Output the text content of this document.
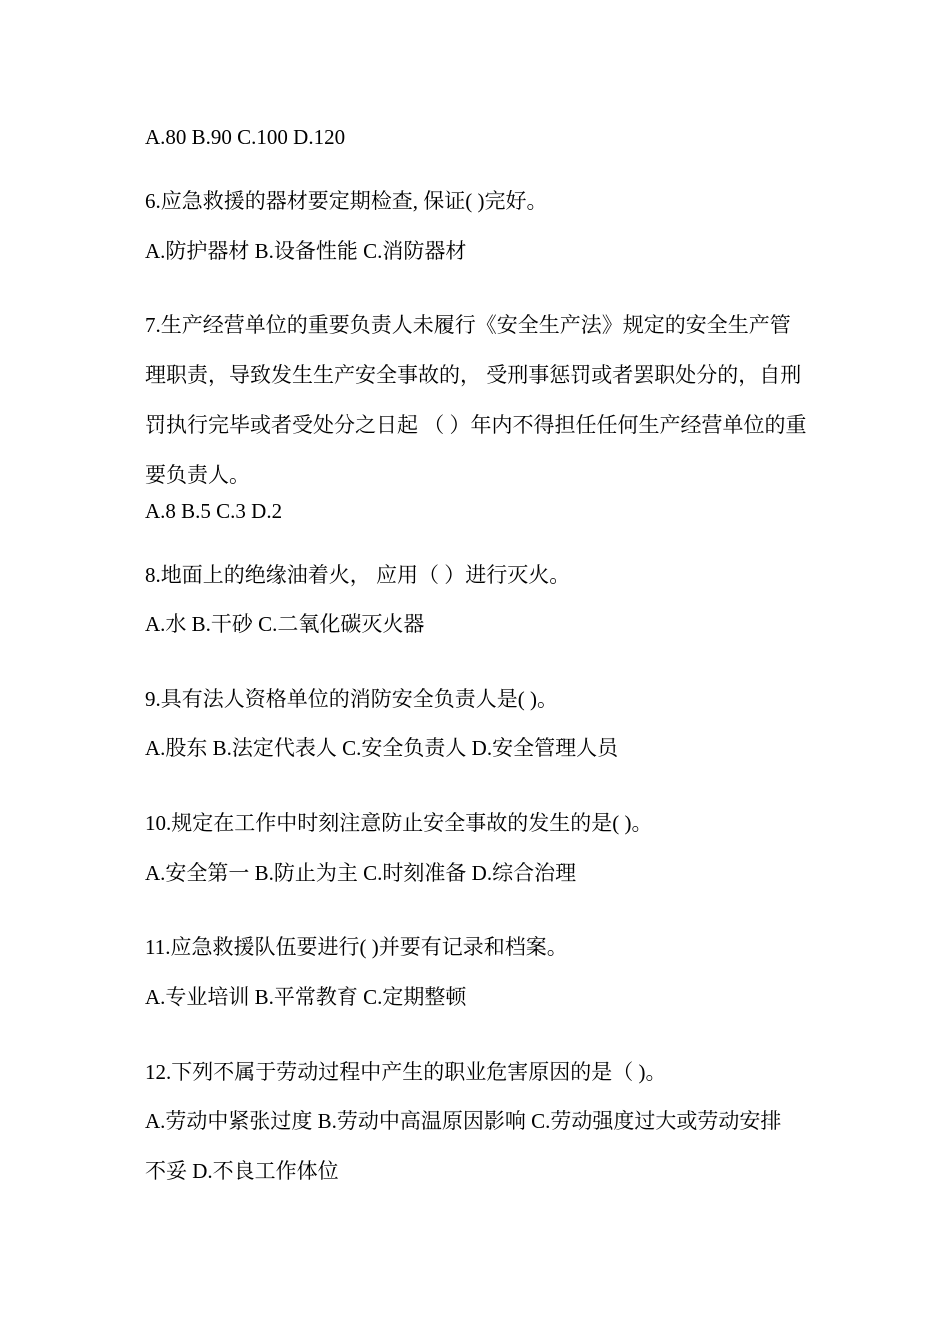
A.80 B.90 C.100 D.120
6.应急救援的器材要定期检查, 保证( )完好。
A.防护器材 B.设备性能 C.消防器材
7.生产经营单位的重要负责人未履行《安全生产法》规定的安全生产管理职责，导致发生生产安全事故的， 受刑事惩罚或者罢职处分的，自刑罚执行完毕或者受处分之日起 （ ）年内不得担任任何生产经营单位的重要负责人。
A.8 B.5 C.3 D.2
8.地面上的绝缘油着火， 应用（ ）进行灭火。
A.水 B.干砂 C.二氧化碳灭火器
9.具有法人资格单位的消防安全负责人是( )。
A.股东 B.法定代表人 C.安全负责人 D.安全管理人员
10.规定在工作中时刻注意防止安全事故的发生的是( )。
A.安全第一 B.防止为主 C.时刻准备 D.综合治理
11.应急救援队伍要进行( )并要有记录和档案。
A.专业培训 B.平常教育 C.定期整顿
12.下列不属于劳动过程中产生的职业危害原因的是（ )。
A.劳动中紧张过度 B.劳动中高温原因影响 C.劳动强度过大或劳动安排
不妥 D.不良工作体位
